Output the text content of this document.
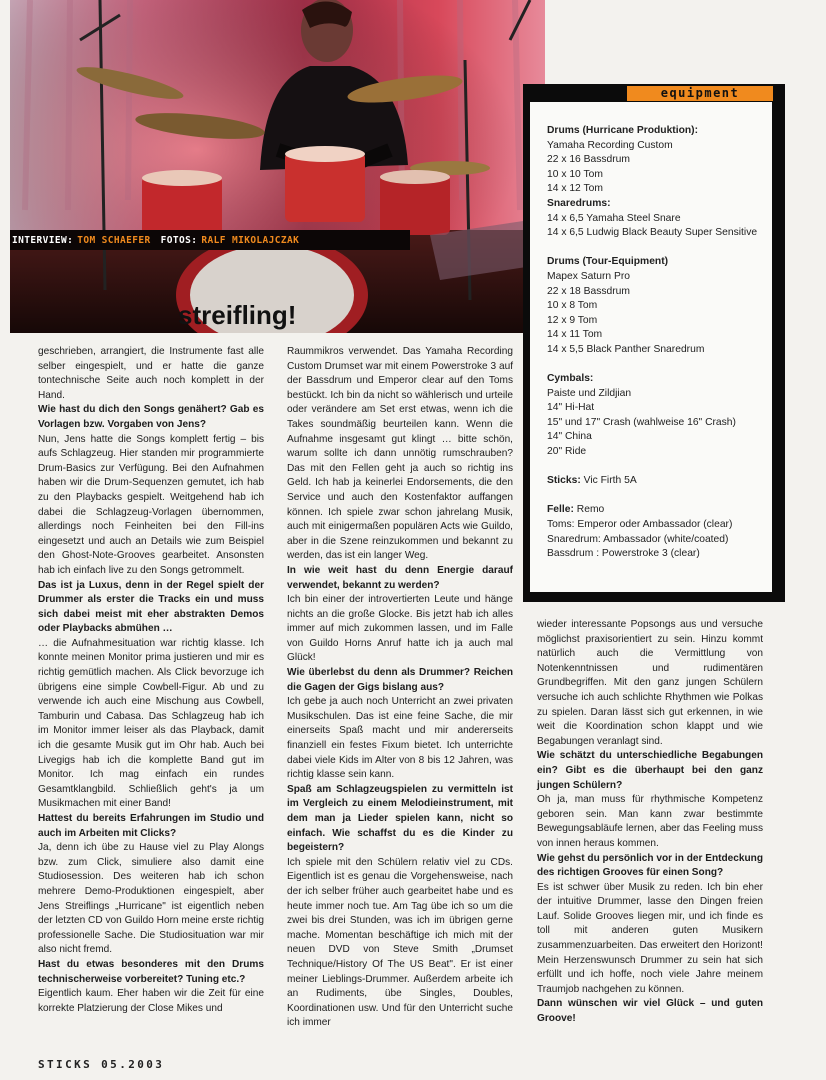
streifling!
INTERVIEW: TOM SCHAEFER FOTOS: RALF MIKOLAJCZAK
equipment
Drums (Hurricane Produktion):
Yamaha Recording Custom
22 x 16 Bassdrum
10 x 10 Tom
14 x 12 Tom
Snaredrums:
14 x 6,5 Yamaha Steel Snare
14 x 6,5 Ludwig Black Beauty Super Sensitive
Drums (Tour-Equipment)
Mapex Saturn Pro
22 x 18 Bassdrum
10 x 8 Tom
12 x 9 Tom
14 x 11 Tom
14 x 5,5 Black Panther Snaredrum
Cymbals:
Paiste und Zildjian
14" Hi-Hat
15" und 17" Crash (wahlweise 16" Crash)
14" China
20" Ride
Sticks: Vic Firth 5A
Felle: Remo
Toms: Emperor oder Ambassador (clear)
Snaredrum: Ambassador (white/coated)
Bassdrum : Powerstroke 3 (clear)

geschrieben, arrangiert, die Instrumente fast alle selber eingespielt, und er hatte die ganze tontechnische Seite auch noch komplett in der Hand.

Wie hast du dich den Songs genähert? Gab es Vorlagen bzw. Vorgaben von Jens?

Nun, Jens hatte die Songs komplett fertig – bis aufs Schlagzeug. Hier standen mir programmierte Drum-Basics zur Verfügung. Bei den Aufnahmen haben wir die Drum-Sequenzen gemutet, ich hab zu den Playbacks gespielt. Weitgehend hab ich dabei die Schlagzeug-Vorlagen übernommen, allerdings noch Feinheiten bei den Fill-ins eingesetzt und auch an Details wie zum Beispiel den Ghost-Note-Grooves gearbeitet. Ansonsten hab ich einfach live zu den Songs getrommelt.

Das ist ja Luxus, denn in der Regel spielt der Drummer als erster die Tracks ein und muss sich dabei meist mit eher abstrakten Demos oder Playbacks abmühen …

… die Aufnahmesituation war richtig klasse. Ich konnte meinen Monitor prima justieren und mir es richtig gemütlich machen. Als Click bevorzuge ich übrigens eine simple Cowbell-Figur. Ab und zu verwende ich auch eine Mischung aus Cowbell, Tamburin und Cabasa. Das Schlagzeug hab ich im Monitor immer leiser als das Playback, damit ich die gesamte Musik gut im Ohr hab. Auch bei Livegigs hab ich die komplette Band gut im Monitor. Ich mag einfach ein rundes Gesamtklangbild. Schließlich geht's ja um Musikmachen mit einer Band!

Hattest du bereits Erfahrungen im Studio und auch im Arbeiten mit Clicks?

Ja, denn ich übe zu Hause viel zu Play Alongs bzw. zum Click, simuliere also damit eine Studiosession. Des weiteren hab ich schon mehrere Demo-Produktionen eingespielt, aber Jens Streiflings „Hurricane" ist eigentlich neben der letzten CD von Guildo Horn meine erste richtig professionelle Sache. Die Studiosituation war mir also nicht fremd.

Hast du etwas besonderes mit den Drums technischerweise vorbereitet? Tuning etc.?

Eigentlich kaum. Eher haben wir die Zeit für eine korrekte Platzierung der Close Mikes und

Raummikros verwendet. Das Yamaha Recording Custom Drumset war mit einem Powerstroke 3 auf der Bassdrum und Emperor clear auf den Toms bestückt. Ich bin da nicht so wählerisch und urteile oder verändere am Set erst etwas, wenn ich die Takes soundmäßig beurteilen kann. Wenn die Aufnahme insgesamt gut klingt … bitte schön, warum sollte ich dann unnötig rumschrauben? Das mit den Fellen geht ja auch so richtig ins Geld. Ich hab ja keinerlei Endorsements, die den Service und auch den Kostenfaktor auffangen können. Ich spiele zwar schon jahrelang Musik, auch mit einigermaßen populären Acts wie Guildo, aber in die Szene reinzukommen und bekannt zu werden, das ist ein langer Weg.

In wie weit hast du denn Energie darauf verwendet, bekannt zu werden?

Ich bin einer der introvertierten Leute und hänge nichts an die große Glocke. Bis jetzt hab ich alles immer auf mich zukommen lassen, und im Falle von Guildo Horns Anruf hatte ich ja auch mal Glück!

Wie überlebst du denn als Drummer? Reichen die Gagen der Gigs bislang aus?

Ich gebe ja auch noch Unterricht an zwei privaten Musikschulen. Das ist eine feine Sache, die mir einerseits Spaß macht und mir andererseits finanziell ein festes Fixum bietet. Ich unterrichte dabei viele Kids im Alter von 8 bis 12 Jahren, was richtig klasse sein kann.

Spaß am Schlagzeugspielen zu vermitteln ist im Vergleich zu einem Melodieinstrument, mit dem man ja Lieder spielen kann, nicht so einfach. Wie schaffst du es die Kinder zu begeistern?

Ich spiele mit den Schülern relativ viel zu CDs. Eigentlich ist es genau die Vorgehensweise, nach der ich selber früher auch gearbeitet habe und es heute immer noch tue. Am Tag übe ich so um die zwei bis drei Stunden, was ich im übrigen gerne mache. Momentan beschäftige ich mich mit der neuen DVD von Steve Smith „Drumset Technique/History Of The US Beat". Er ist einer meiner Lieblings-Drummer. Außerdem arbeite ich an Rudiments, übe Singles, Doubles, Koordinationen usw. Und für den Unterricht suche ich immer

wieder interessante Popsongs aus und versuche möglichst praxisorientiert zu sein. Hinzu kommt natürlich auch die Vermittlung von Notenkenntnissen und rudimentären Grundbegriffen. Mit den ganz jungen Schülern versuche ich auch schlichte Rhythmen wie Polkas zu spielen. Daran lässt sich gut erkennen, in wie weit die Koordination schon klappt und wie Begabungen veranlagt sind.

Wie schätzt du unterschiedliche Begabungen ein? Gibt es die überhaupt bei den ganz jungen Schülern?

Oh ja, man muss für rhythmische Kompetenz geboren sein. Man kann zwar bestimmte Bewegungsabläufe lernen, aber das Feeling muss von innen heraus kommen.

Wie gehst du persönlich vor in der Entdeckung des richtigen Grooves für einen Song?

Es ist schwer über Musik zu reden. Ich bin eher der intuitive Drummer, lasse den Dingen freien Lauf. Solide Grooves liegen mir, und ich finde es toll mit anderen guten Musikern zusammenzuarbeiten. Das erweitert den Horizont! Mein Herzenswunsch Drummer zu sein hat sich erfüllt und ich hoffe, noch viele Jahre meinem Traumjob nachgehen zu können.

Dann wünschen wir viel Glück – und guten Groove!

STICKS 05.2003
